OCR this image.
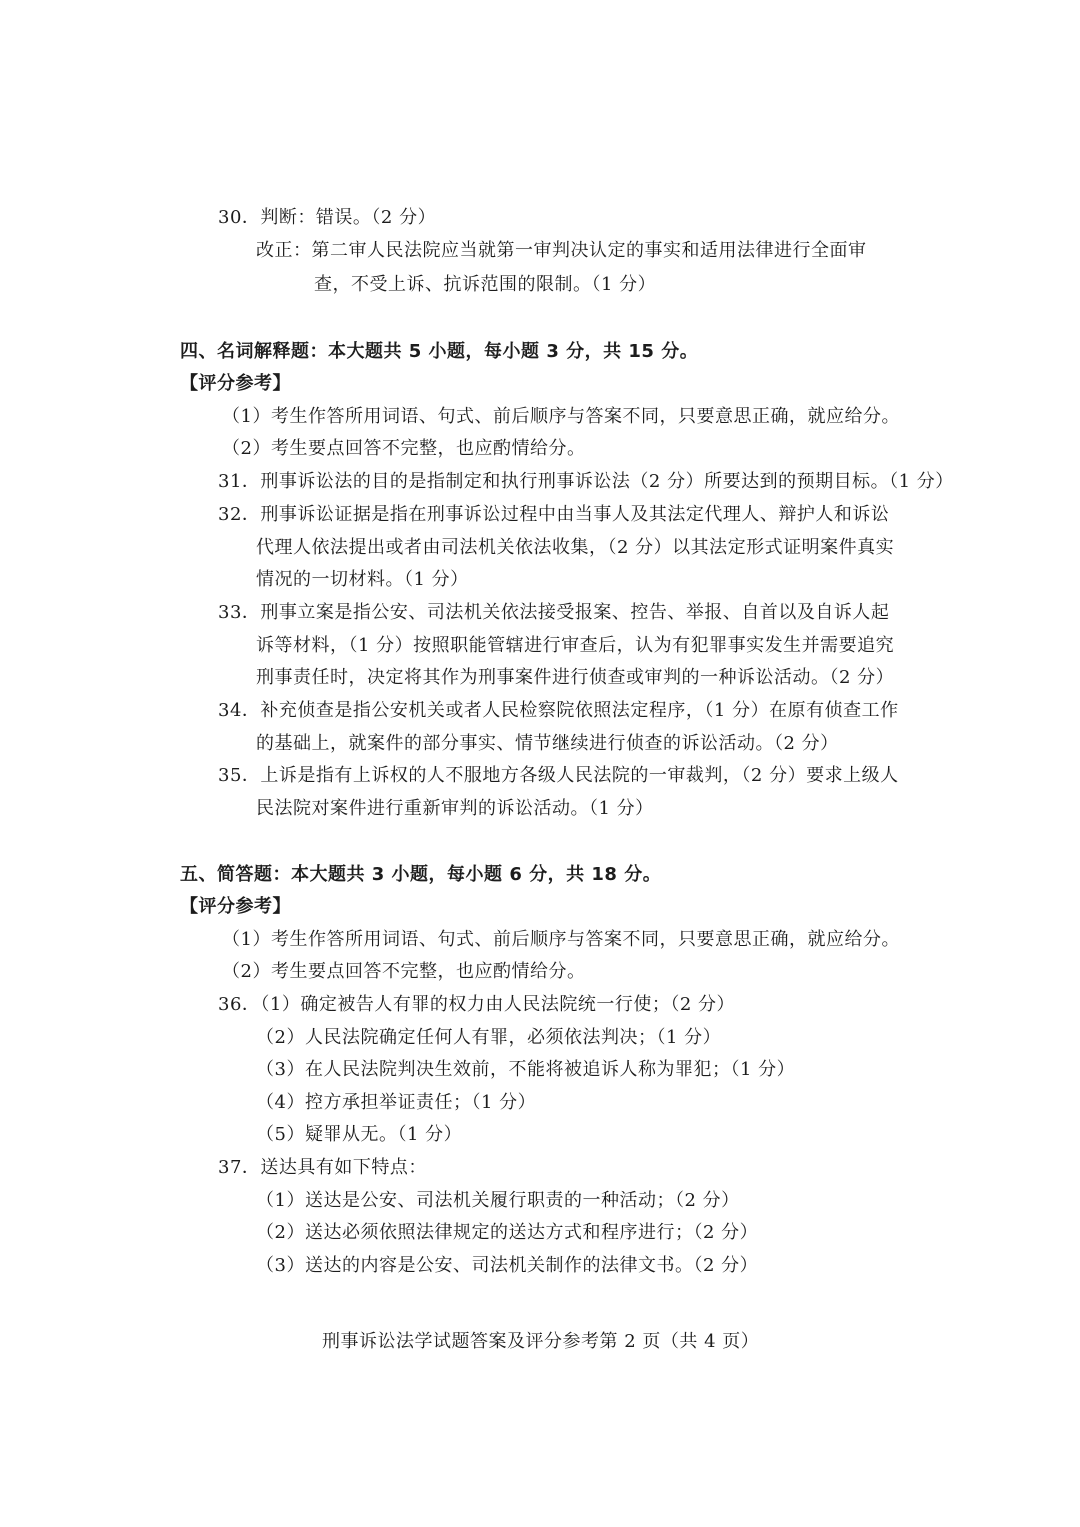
30．判断：错误。（2 分）
改正：第二审人民法院应当就第一审判决认定的事实和适用法律进行全面审
查，不受上诉、抗诉范围的限制。（1 分）
四、名词解释题：本大题共 5 小题，每小题 3 分，共 15 分。
【评分参考】
（1）考生作答所用词语、句式、前后顺序与答案不同，只要意思正确，就应给分。
（2）考生要点回答不完整，也应酌情给分。
31．刑事诉讼法的目的是指制定和执行刑事诉讼法（2 分）所要达到的预期目标。（1 分）
32．刑事诉讼证据是指在刑事诉讼过程中由当事人及其法定代理人、辩护人和诉讼
代理人依法提出或者由司法机关依法收集，（2 分）以其法定形式证明案件真实
情况的一切材料。（1 分）
33．刑事立案是指公安、司法机关依法接受报案、控告、举报、自首以及自诉人起
诉等材料，（1 分）按照职能管辖进行审查后，认为有犯罪事实发生并需要追究
刑事责任时，决定将其作为刑事案件进行侦查或审判的一种诉讼活动。（2 分）
34．补充侦查是指公安机关或者人民检察院依照法定程序，（1 分）在原有侦查工作
的基础上，就案件的部分事实、情节继续进行侦查的诉讼活动。（2 分）
35．上诉是指有上诉权的人不服地方各级人民法院的一审裁判，（2 分）要求上级人
民法院对案件进行重新审判的诉讼活动。（1 分）
五、简答题：本大题共 3 小题，每小题 6 分，共 18 分。
【评分参考】
（1）考生作答所用词语、句式、前后顺序与答案不同，只要意思正确，就应给分。
（2）考生要点回答不完整，也应酌情给分。
36．（1）确定被告人有罪的权力由人民法院统一行使；（2 分）
（2）人民法院确定任何人有罪，必须依法判决；（1 分）
（3）在人民法院判决生效前，不能将被追诉人称为罪犯；（1 分）
（4）控方承担举证责任；（1 分）
（5）疑罪从无。（1 分）
37．送达具有如下特点：
（1）送达是公安、司法机关履行职责的一种活动；（2 分）
（2）送达必须依照法律规定的送达方式和程序进行；（2 分）
（3）送达的内容是公安、司法机关制作的法律文书。（2 分）
刑事诉讼法学试题答案及评分参考第 2 页（共 4 页）
